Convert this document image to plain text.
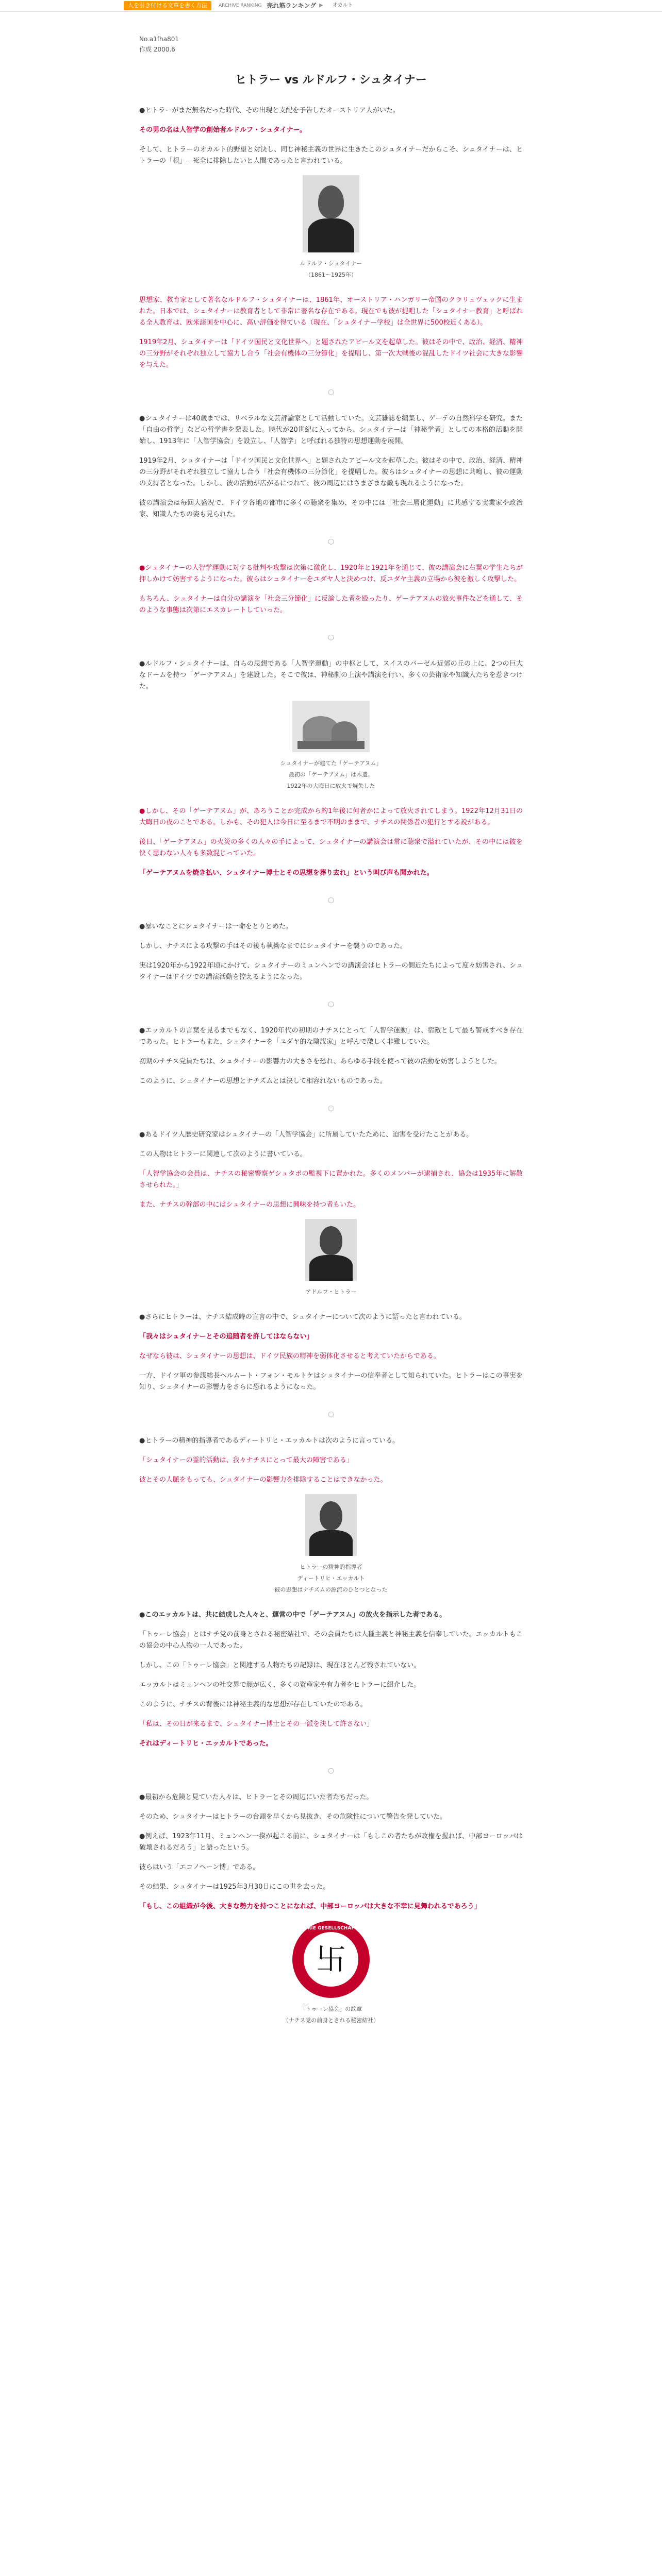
人を引き付ける文章を書く方法	ARCHIVE RANKING 売れ筋ランキング ▶ オカルト
No.a1fha801
作成 2000.6
ヒトラー vs ルドルフ・シュタイナー

●ヒトラーがまだ無名だった時代、その出現と支配を予告したオーストリア人がいた。

その男の名は人智学の創始者ルドルフ・シュタイナー。

そして、ヒトラーのオカルト的野望と対決し、同じ神秘主義の世界に生きたこのシュタイナーだからこそ、シュタイナーは、ヒトラーの「根」―死全に排除したいと人間であったと言われている。

ルドルフ・シュタイナー
（1861～1925年）

思想家、教育家として著名なルドルフ・シュタイナーは、1861年、オーストリア・ハンガリー帝国のクラリェヴェックに生まれた。日本では、シュタイナーは教育者として非常に著名な存在である。現在でも彼が提唱した「シュタイナー教育」と呼ばれる全人教育は、欧米諸国を中心に、高い評価を得ている（現在、「シュタイナー学校」は全世界に500校近くある）。

1919年2月、シュタイナーは「ドイツ国民と文化世界へ」と題されたアピール文を起草した。彼はその中で、政治、経済、精神の三分野がそれぞれ独立して協力し合う「社会有機体の三分節化」を提唱し、第一次大戦後の混乱したドイツ社会に大きな影響を与えた。

○

●シュタイナーは40歳までは、リベラルな文芸評論家として活動していた。文芸雑誌を編集し、ゲーテの自然科学を研究。また「自由の哲学」などの哲学書を発表した。時代が20世紀に入ってから、シュタイナーは「神秘学者」としての本格的活動を開始し、1913年に「人智学協会」を設立し、「人智学」と呼ばれる独特の思想運動を展開。

1919年2月、シュタイナーは「ドイツ国民と文化世界へ」と題されたアピール文を起草した。彼はその中で、政治、経済、精神の三分野がそれぞれ独立して協力し合う「社会有機体の三分節化」を提唱した。彼らはシュタイナーの思想に共鳴し、彼の運動の支持者となった。しかし、彼の活動が広がるにつれて、彼の周辺にはさまざまな敵も現れるようになった。

彼の講演会は毎回大盛況で、ドイツ各地の都市に多くの聴衆を集め、その中には「社会三層化運動」に共感する実業家や政治家、知識人たちの姿も見られた。

○

●シュタイナーの人智学運動に対する批判や攻撃は次第に激化し、1920年と1921年を通じて、彼の講演会に右翼の学生たちが押しかけて妨害するようになった。彼らはシュタイナーをユダヤ人と決めつけ、反ユダヤ主義の立場から彼を激しく攻撃した。

もちろん、シュタイナーは自分の講演を「社会三分節化」に反論した者を殴ったり、ゲーテアヌムの放火事件などを通して、そのような事態は次第にエスカレートしていった。

○

●ルドルフ・シュタイナーは、自らの思想である「人智学運動」の中枢として、スイスのバーゼル近郊の丘の上に、2つの巨大なドームを持つ「ゲーテアヌム」を建設した。そこで彼は、神秘劇の上演や講演を行い、多くの芸術家や知識人たちを惹きつけた。

シュタイナーが建てた「ゲーテアヌム」
最初の「ゲーテアヌム」は木造。
1922年の大晦日に放火で焼失した

●しかし、その「ゲーテアヌム」が、あろうことか完成から約1年後に何者かによって放火されてしまう。1922年12月31日の大晦日の夜のことである。しかも、その犯人は今日に至るまで不明のままで、ナチスの関係者の犯行とする説がある。

後日、「ゲーテアヌム」の火災の多くの人々の手によって、シュタイナーの講演会は常に聴衆で溢れていたが、その中には彼を快く思わない人々も多数混じっていた。

「ゲーテアヌムを焼き払い、シュタイナー博士とその思想を葬り去れ」という叫び声も聞かれた。

○

●暴いなことにシュタイナーは一命をとりとめた。

しかし、ナチスによる攻撃の手はその後も執拗なまでにシュタイナーを襲うのであった。

実は1920年から1922年頃にかけて、シュタイナーのミュンヘンでの講演会はヒトラーの側近たちによって度々妨害され、シュタイナーはドイツでの講演活動を控えるようになった。

○

●エッカルトの言葉を見るまでもなく、1920年代の初期のナチスにとって「人智学運動」は、宿敵として最も警戒すべき存在であった。ヒトラーもまた、シュタイナーを「ユダヤ的な陰謀家」と呼んで激しく非難していた。

初期のナチス党員たちは、シュタイナーの影響力の大きさを恐れ、あらゆる手段を使って彼の活動を妨害しようとした。

このように、シュタイナーの思想とナチズムとは決して相容れないものであった。

○

●あるドイツ人歴史研究家はシュタイナーの「人智学協会」に所属していたために、迫害を受けたことがある。

この人物はヒトラーに関連して次のように書いている。

「人智学協会の会員は、ナチスの秘密警察ゲシュタポの監視下に置かれた。多くのメンバーが逮捕され、協会は1935年に解散させられた。」

また、ナチスの幹部の中にはシュタイナーの思想に興味を持つ者もいた。

アドルフ・ヒトラー

●さらにヒトラーは、ナチス結成時の宣言の中で、シュタイナーについて次のように語ったと言われている。

「我々はシュタイナーとその追随者を許してはならない」

なぜなら彼は、シュタイナーの思想は、ドイツ民族の精神を弱体化させると考えていたからである。

一方、ドイツ軍の参謀総長ヘルムート・フォン・モルトケはシュタイナーの信奉者として知られていた。ヒトラーはこの事実を知り、シュタイナーの影響力をさらに恐れるようになった。

○

●ヒトラーの精神的指導者であるディートリヒ・エッカルトは次のように言っている。

「シュタイナーの霊的活動は、我々ナチスにとって最大の障害である」

彼とその人脈をもっても、シュタイナーの影響力を排除することはできなかった。

ヒトラーの精神的指導者
ディートリヒ・エッカルト
彼の思想はナチズムの源流のひとつとなった

●このエッカルトは、共に結成した人々と、運営の中で「ゲーテアヌム」の放火を指示した者である。

「トゥーレ協会」とはナチ党の前身とされる秘密結社で、その会員たちは人種主義と神秘主義を信奉していた。エッカルトもこの協会の中心人物の一人であった。

しかし、この「トゥーレ協会」と関連する人物たちの記録は、現在ほとんど残されていない。

エッカルトはミュンヘンの社交界で顔が広く、多くの資産家や有力者をヒトラーに紹介した。

このように、ナチスの背後には神秘主義的な思想が存在していたのである。

「私は、その日が来るまで、シュタイナー博士とその一派を決して許さない」

それはディートリヒ・エッカルトであった。

○

●最初から危険と見ていた人々は、ヒトラーとその周辺にいた者たちだった。

そのため、シュタイナーはヒトラーの台頭を早くから見抜き、その危険性について警告を発していた。

●例えば、1923年11月、ミュンヘン一揆が起こる前に、シュタイナーは「もしこの者たちが政権を握れば、中部ヨーロッパは破壊されるだろう」と語ったという。

彼らはいう「エコノヘーン博」である。

その結果、シュタイナーは1925年3月30日にこの世を去った。

「もし、この組織が今後、大きな勢力を持つことになれば、中部ヨーロッパは大きな不幸に見舞われるであろう」

TRIE GESELLSCHAFT
卐
「トゥーレ協会」の紋章
（ナチス党の前身とされる秘密結社）
